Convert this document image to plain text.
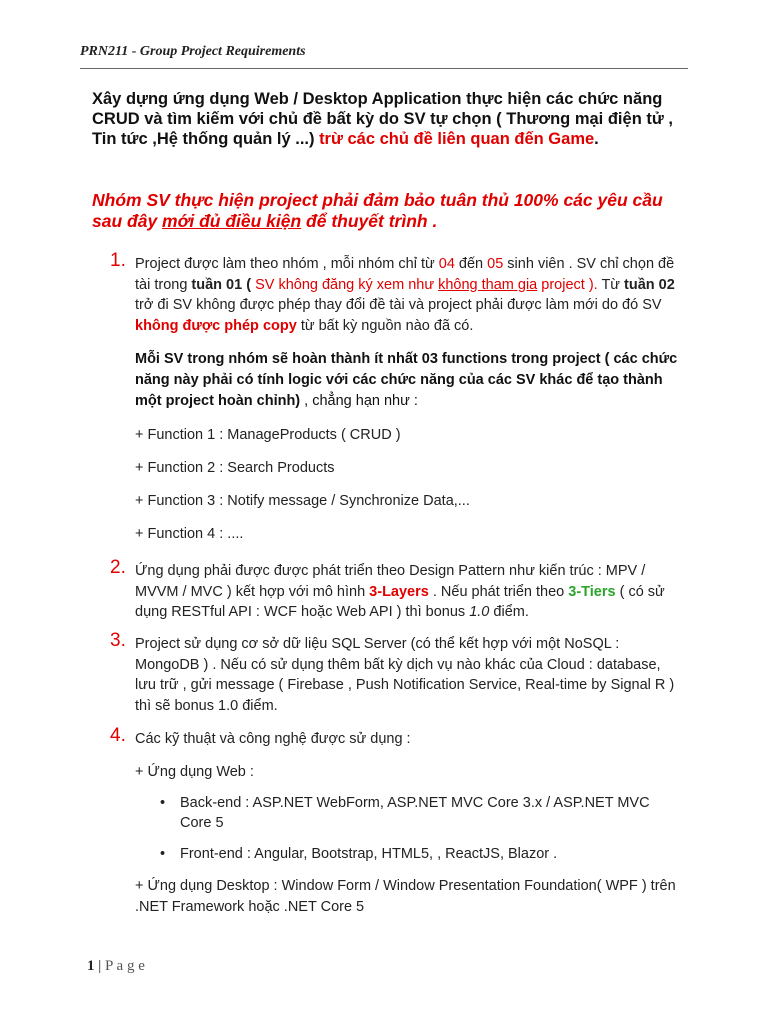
PRN211 - Group Project Requirements
Xây dựng ứng dụng Web / Desktop Application thực hiện các chức năng CRUD và tìm kiếm với chủ đề bất kỳ do SV tự chọn ( Thương mại điện tử , Tin tức ,Hệ thống quản lý ...) trừ các chủ đề liên quan đến Game.
Nhóm SV thực hiện project phải đảm bảo tuân thủ 100% các yêu cầu sau đây mới đủ điều kiện để thuyết trình .
1. Project được làm theo nhóm , mỗi nhóm chỉ từ 04 đến 05 sinh viên . SV chỉ chọn đề tài trong tuần 01 ( SV không đăng ký xem như không tham gia project ). Từ tuần 02 trở đi SV không được phép thay đổi đề tài và project phải được làm mới do đó SV không được phép copy từ bất kỳ nguồn nào đã có.
Mỗi SV trong nhóm sẽ hoàn thành ít nhất 03 functions trong project ( các chức năng này phải có tính logic với các chức năng của các SV khác để tạo thành một project hoàn chỉnh) , chẳng hạn như :
+ Function 1 : ManageProducts ( CRUD )
+ Function 2 : Search Products
+ Function 3 : Notify message / Synchronize Data,...
+ Function 4 : ....
2. Ứng dụng phải được được phát triển theo Design Pattern như kiến trúc : MPV / MVVM / MVC ) kết hợp với mô hình 3-Layers . Nếu phát triển theo 3-Tiers ( có sử dụng RESTful API : WCF hoặc Web API ) thì bonus 1.0 điểm.
3. Project sử dụng cơ sở dữ liệu SQL Server (có thể kết hợp với một NoSQL : MongoDB ) . Nếu có sử dụng thêm bất kỳ dịch vụ nào khác của Cloud : database, lưu trữ , gửi message ( Firebase , Push Notification Service, Real-time by Signal R ) thì sẽ bonus 1.0 điểm.
4. Các kỹ thuật và công nghệ được sử dụng :
+ Ứng dụng Web :
•	Back-end : ASP.NET WebForm, ASP.NET MVC Core 3.x / ASP.NET MVC Core 5
•	Front-end : Angular, Bootstrap, HTML5, , ReactJS, Blazor .
+ Ứng dụng Desktop : Window Form / Window Presentation Foundation( WPF ) trên .NET Framework hoặc .NET Core 5
1 | P a g e
